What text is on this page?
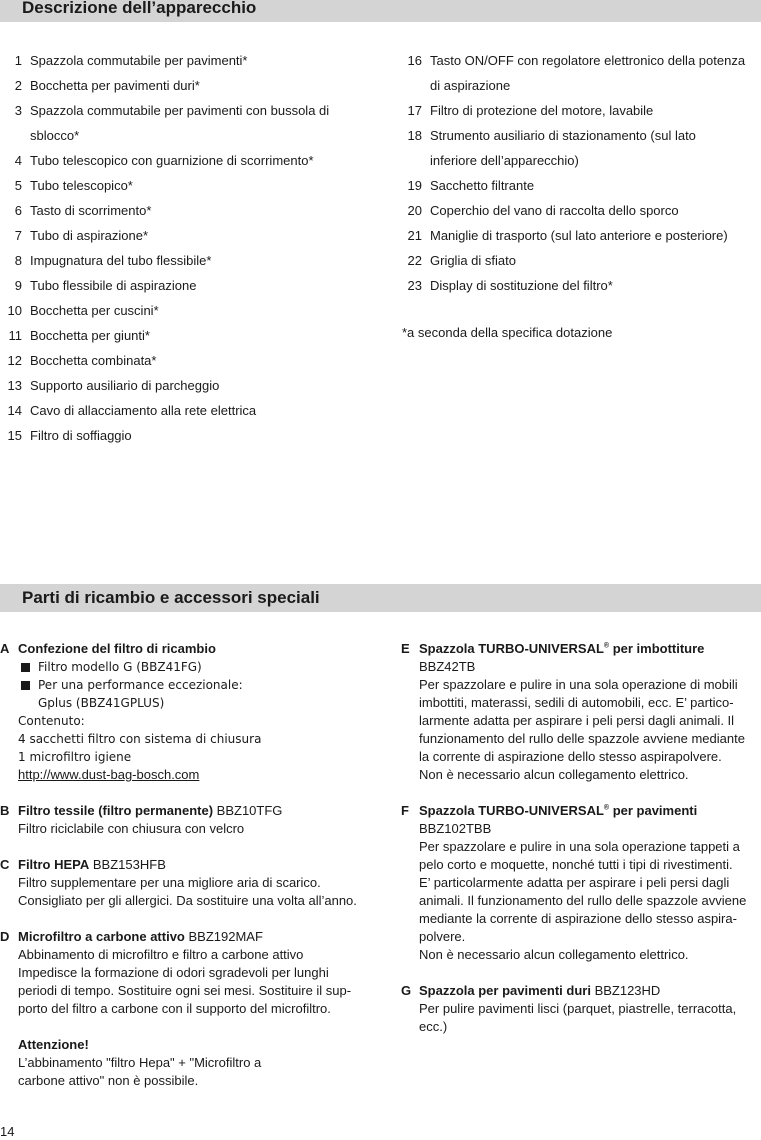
Descrizione dell’apparecchio
1 Spazzola commutabile per pavimenti*
2 Bocchetta per pavimenti duri*
3 Spazzola commutabile per pavimenti con bussola di
sblocco*
4 Tubo telescopico con guarnizione di scorrimento*
5 Tubo telescopico*
6 Tasto di scorrimento*
7 Tubo di aspirazione*
8 Impugnatura del tubo flessibile*
9 Tubo flessibile di aspirazione
10 Bocchetta per cuscini*
11 Bocchetta per giunti*
12 Bocchetta combinata*
13 Supporto ausiliario di parcheggio
14 Cavo di allacciamento alla rete elettrica
15 Filtro di soffiaggio
16 Tasto ON/OFF con regolatore elettronico della potenza
di aspirazione
17 Filtro di protezione del motore, lavabile
18 Strumento ausiliario di stazionamento (sul lato
inferiore dell’apparecchio)
19 Sacchetto filtrante
20 Coperchio del vano di raccolta dello sporco
21 Maniglie di trasporto (sul lato anteriore e posteriore)
22 Griglia di sfiato
23 Display di sostituzione del filtro*
*a seconda della specifica dotazione
Parti di ricambio e accessori speciali
A Confezione del filtro di ricambio
Filtro modello G (BBZ41FG)
Per una performance eccezionale:
Gplus (BBZ41GPLUS)
Contenuto:
4 sacchetti filtro con sistema di chiusura
1 microfiltro igiene
http://www.dust-bag-bosch.com
B Filtro tessile (filtro permanente) BBZ10TFG
Filtro riciclabile con chiusura con velcro
C Filtro HEPA BBZ153HFB
Filtro supplementare per una migliore aria di scarico.
Consigliato per gli allergici. Da sostituire una volta all’anno.
D Microfiltro a carbone attivo BBZ192MAF
Abbinamento di microfiltro e filtro a carbone attivo
Impedisce la formazione di odori sgradevoli per lunghi
periodi di tempo. Sostituire ogni sei mesi. Sostituire il sup-
porto del filtro a carbone con il supporto del microfiltro.
Attenzione!
L’abbinamento "filtro Hepa" + "Microfiltro a
carbone attivo" non è possibile.
E Spazzola TURBO-UNIVERSAL® per imbottiture
BBZ42TB
Per spazzolare e pulire in una sola operazione di mobili
imbottiti, materassi, sedili di automobili, ecc. E’ partico-
larmente adatta per aspirare i peli persi dagli animali. Il
funzionamento del rullo delle spazzole avviene mediante
la corrente di aspirazione dello stesso aspirapolvere.
Non è necessario alcun collegamento elettrico.
F Spazzola TURBO-UNIVERSAL® per pavimenti
BBZ102TBB
Per spazzolare e pulire in una sola operazione tappeti a
pelo corto e moquette, nonché tutti i tipi di rivestimenti.
E’ particolarmente adatta per aspirare i peli persi dagli
animali. Il funzionamento del rullo delle spazzole avviene
mediante la corrente di aspirazione dello stesso aspira-
polvere.
Non è necessario alcun collegamento elettrico.
G Spazzola per pavimenti duri BBZ123HD
Per pulire pavimenti lisci (parquet, piastrelle, terracotta,
ecc.)
14
